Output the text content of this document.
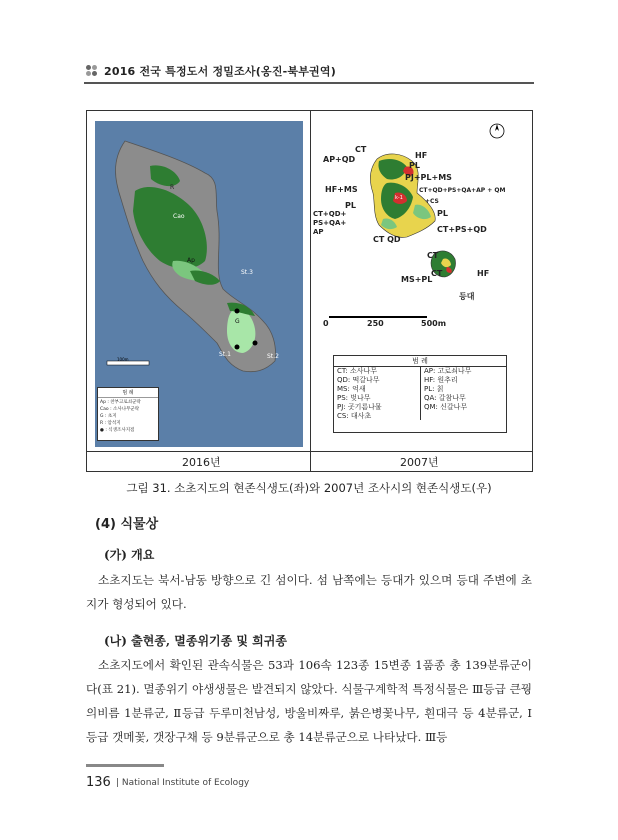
2016 전국 특정도서 정밀조사(옹진-북부권역)
R
Cao
Ap
G
St.3
St.1	St.2
100m
범 례
Ap : 찬부고로쇠군락
Cao : 소사나무군락
G : 초지
R : 암석지
● : 식생조사지점
CT
AP+QD	HF
PL
PJ+PL+MS
HF+MS	CT+QD+PS+QA+AP + QM
+CS
k-1
PL
PL
CT+QD+
PS+QA+
AP
CT QD
CT+PS+QD
CT
MS+PL
CT	HF
등대
0	250	500m
범 례
CT: 소사나무
QD: 떡갈나무
MS: 억새
PS: 벚나무
PJ: 곳기름나물
CS: 대사초
AP: 고로쇠나무
HF: 원추리
PL: 칡
QA: 갈참나무
QM: 신갈나무
2016년	2007년
그림 31. 소초지도의 현존식생도(좌)와 2007년 조사시의 현존식생도(우)
(4) 식물상
(가) 개요
소초지도는 북서-남동 방향으로 긴 섬이다. 섬 남쪽에는 등대가 있으며 등대 주변에 초지가 형성되어 있다.
(나) 출현종, 멸종위기종 및 희귀종
소초지도에서 확인된 관속식물은 53과 106속 123종 15변종 1품종 총 139분류군이다(표 21). 멸종위기 야생생물은 발견되지 않았다. 식물구계학적 특정식물은 Ⅲ등급 큰꿩의비름 1분류군, Ⅱ등급 두루미천남성, 방울비짜루, 붉은병꽃나무, 흰대극 등 4분류군, Ⅰ등급 갯메꽃, 갯장구채 등 9분류군으로 총 14분류군으로 나타났다. Ⅲ등
136 | National Institute of Ecology
